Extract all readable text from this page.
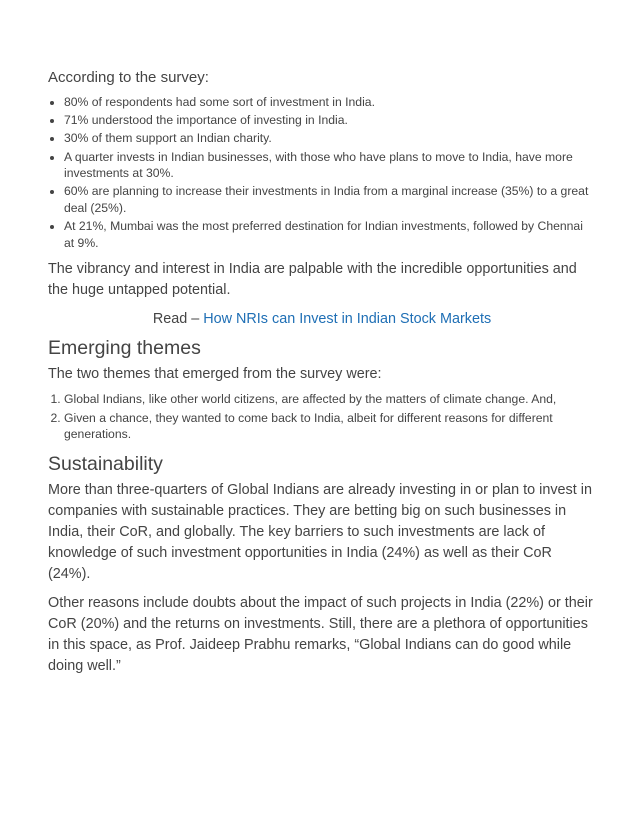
According to the survey:

• 80% of respondents had some sort of investment in India.
• 71% understood the importance of investing in India.
• 30% of them support an Indian charity.
• A quarter invests in Indian businesses, with those who have plans to move to India, have more investments at 30%.
• 60% are planning to increase their investments in India from a marginal increase (35%) to a great deal (25%).
• At 21%, Mumbai was the most preferred destination for Indian investments, followed by Chennai at 9%.

The vibrancy and interest in India are palpable with the incredible opportunities and the huge untapped potential.

Read – How NRIs can Invest in Indian Stock Markets

Emerging themes

The two themes that emerged from the survey were:

1. Global Indians, like other world citizens, are affected by the matters of climate change. And,
2. Given a chance, they wanted to come back to India, albeit for different reasons for different generations.
Sustainability

More than three-quarters of Global Indians are already investing in or plan to invest in companies with sustainable practices. They are betting big on such businesses in India, their CoR, and globally. The key barriers to such investments are lack of knowledge of such investment opportunities in India (24%) as well as their CoR (24%).

Other reasons include doubts about the impact of such projects in India (22%) or their CoR (20%) and the returns on investments. Still, there are a plethora of opportunities in this space, as Prof. Jaideep Prabhu remarks, “Global Indians can do good while doing well.”
